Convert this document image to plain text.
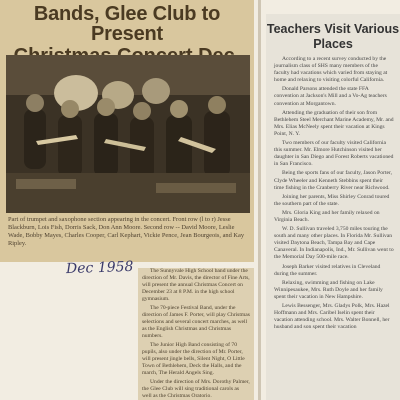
Bands, Glee Club to Present
Part of trumpet and saxophone section appearing in the concert. Front row (l to r) Jesse Blackburn, Lois Fish, Dorris Sack, Don Ann Moore. Second row -- David Moore, Leslie Wade, Bobby Mayes, Charles Cooper, Carl Kephart, Vickie Pence, Jean Bourgeois, and Kay Ripley.
Dec 1958	The Sunnyvale High School band under the direction of Mr. Davis, the director of Fine Arts, will present the annual Christmas Concert on December 23 at 8 P.M. in the high school gymnasium.

The 70-piece Festival Band, under the direction of James F. Porter, will play Christmas selections and several concert marches, as well as the English Christmas and Christmas numbers.

The Junior High Band consisting of 70 pupils, also under the direction of Mr. Porter, will present jingle bells, Silent Night, O Little Town of Bethlehem, Deck the Halls, and the march, The Herald Angels Sing.

Under the direction of Mrs. Dorothy Palmer, the Glee Club will sing traditional carols as well as the Christmas Oratorio.

Teachers Visit Various Places

According to a recent survey conducted by the journalism class of SHS many members of the faculty had vacations which varied from staying at home and relaxing to visiting colorful California.

Donald Parsons attended the state FFA convention at Jackson's Mill and a Vo-Ag teachers convention at Morgantown.

Attending the graduation of their son from Bethlehem Steel Merchant Marine Academy, Mr. and Mrs. Elias McNeely spent their vacation at Kings Point, N. Y.

Two members of our faculty visited California this summer. Mr. Elmore Hutchinson visited her daughter in San Diego and Forest Roberts vacationed in San Francisco.

Being the sports fans of our faculty, Jason Porter, Clyde Wheeler and Kenneth Stebbins spent their time fishing in the Cranberry River near Richwood.

Joining her parents, Miss Shirley Conrad toured the southern part of the state.

Mrs. Gloria King and her family relaxed on Virginia Beach.

W. D. Sullivan traveled 3,750 miles touring the south and many other places. In Florida Mr. Sullivan visited Daytona Beach, Tampa Bay and Cape Canaveral. In Indianapolis, Ind., Mr. Sullivan went to the Memorial Day 500-mile race.

Joseph Barker visited relatives in Cleveland during the summer.

Relaxing, swimming and fishing on Lake Winnipesaukee, Mrs. Ruth Doyle and her family spent their vacation in New Hampshire.

Lewis Bessenger, Mrs. Gladys Polk, Mrs. Hazel Hoffmann and Mrs. Caribel Iselin spent their vacation attending school. Mrs. Walter Bonnell, her husband and son spent their vacation
